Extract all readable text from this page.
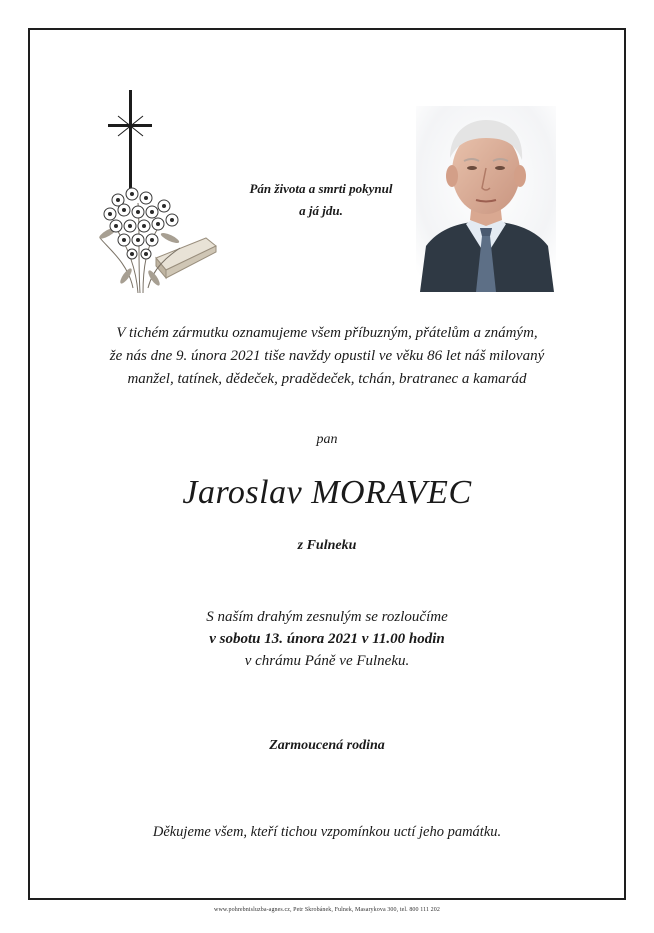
Pán života a smrti pokynul
a já jdu.
V tichém zármutku oznamujeme všem příbuzným, přátelům a známým,
že nás dne 9. února 2021 tiše navždy opustil ve věku 86 let náš milovaný
manžel, tatínek, dědeček, pradědeček, tchán, bratranec a kamarád
pan
Jaroslav MORAVEC
z Fulneku
S naším drahým zesnulým se rozloučíme
v sobotu 13. února 2021 v 11.00 hodin
v chrámu Páně ve Fulneku.
Zarmoucená rodina
Děkujeme všem, kteří tichou vzpomínkou uctí jeho památku.
www.pohrebnisluzba-agnes.cz, Petr Skrobánek, Fulnek, Masarykova 300, tel. 800 111 202
